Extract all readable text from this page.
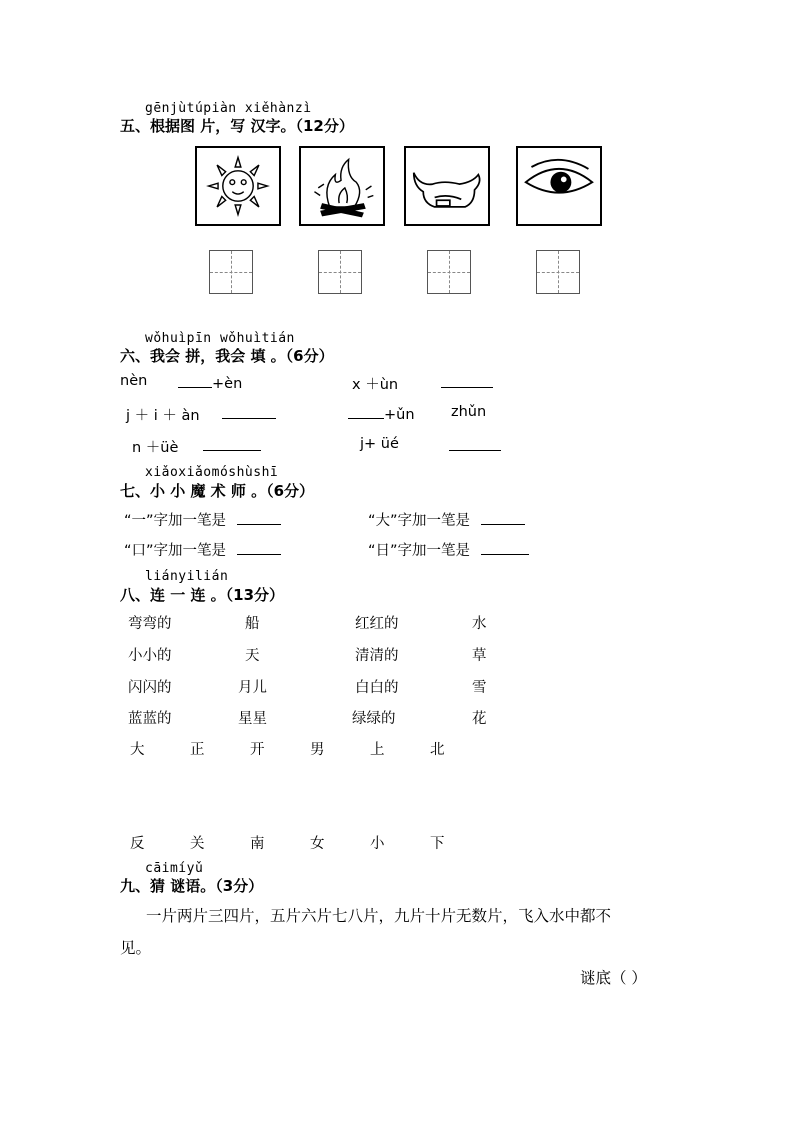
gēnjùtúpiàn xiěhànzì
五、根据图 片，写 汉字。（12分）
wǒhuìpīn wǒhuìtián
六、我会 拼，我会 填 。（6分）
nèn	+èn	x ＋ùn
j ＋ i ＋ àn	+ǔn	zhǔn
n ＋üè	j+ üé
xiǎoxiǎomóshùshī
七、小 小 魔 术 师 。（6分）
“一”字加一笔是	“大”字加一笔是
“口”字加一笔是	“日”字加一笔是
liányilián
八、连 一 连 。（13分）
弯弯的	船	红红的	水
小小的	天	清清的	草
闪闪的	月儿	白白的	雪
蓝蓝的	星星	绿绿的	花
大	正	开	男	上	北
反	关	南	女	小	下
cāimíyǔ
九、猜 谜语。（3分）
一片两片三四片，五片六片七八片，九片十片无数片，飞入水中都不
见。
谜底（ ）
